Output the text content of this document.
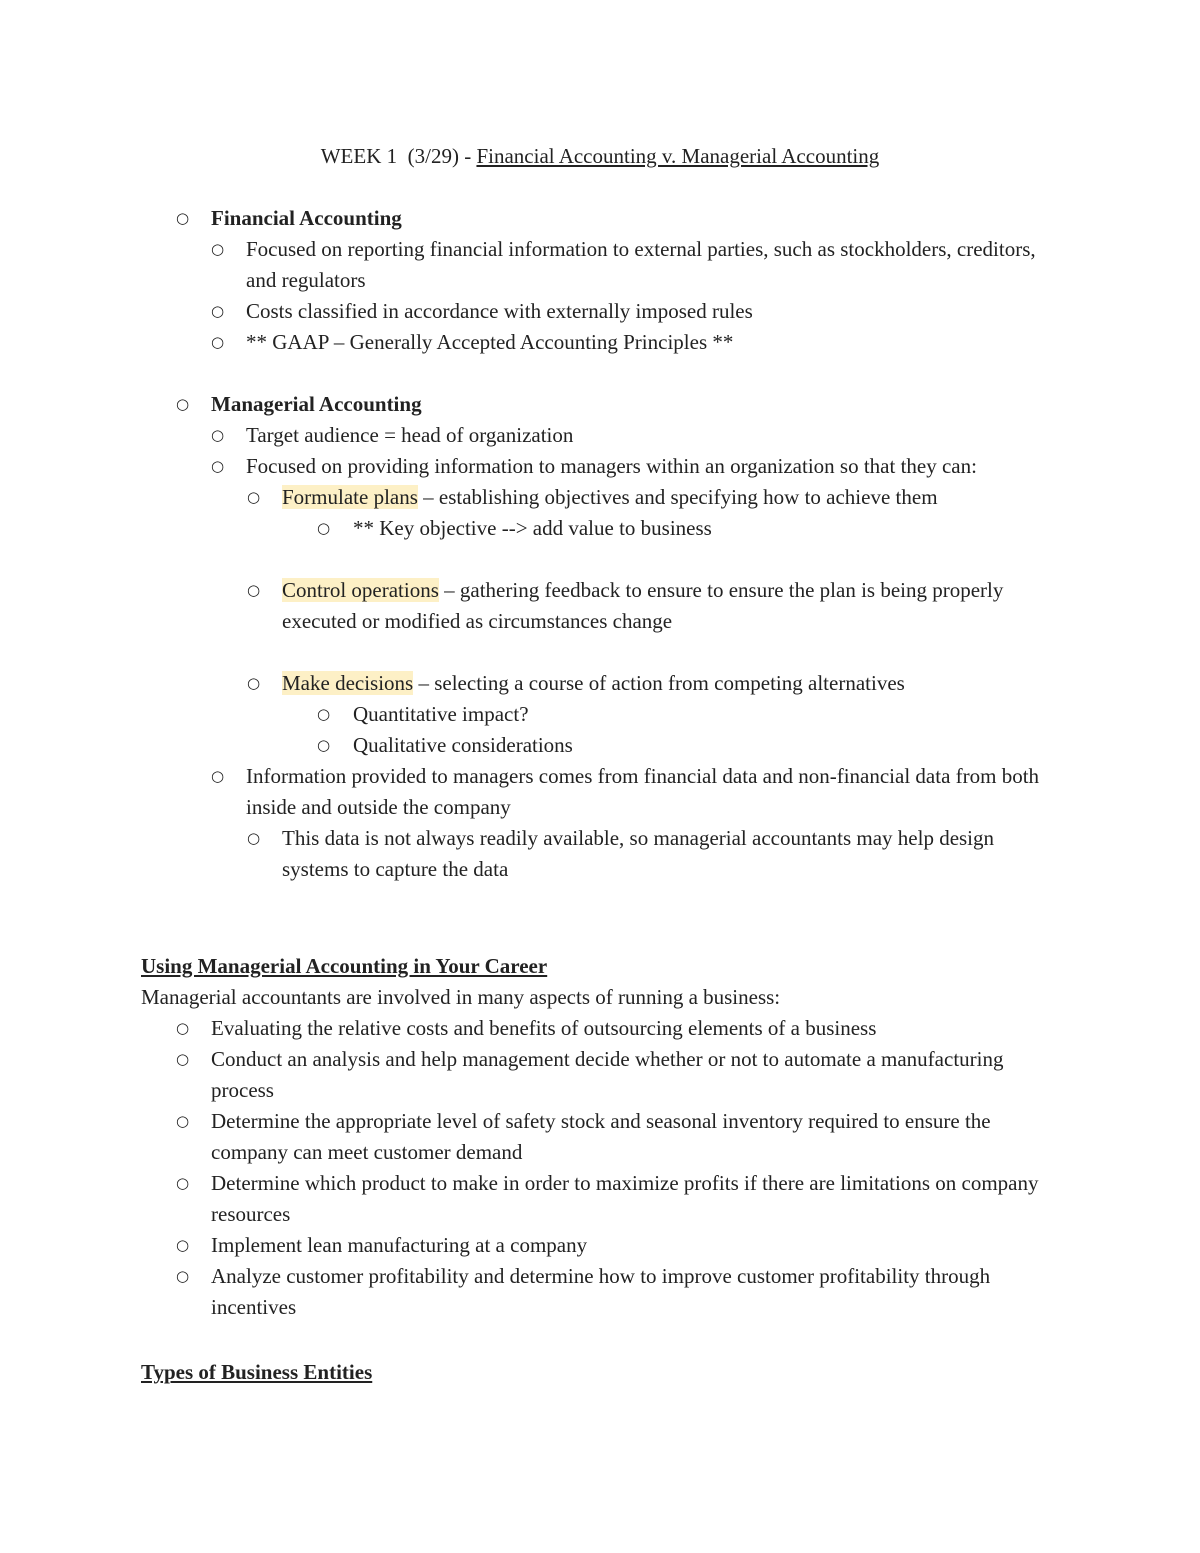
WEEK 1  (3/29) - Financial Accounting v. Managerial Accounting
○ Financial Accounting
○ Focused on reporting financial information to external parties, such as stockholders, creditors, and regulators
○ Costs classified in accordance with externally imposed rules
○ ** GAAP – Generally Accepted Accounting Principles **
○ Managerial Accounting
○ Target audience = head of organization
○ Focused on providing information to managers within an organization so that they can:
○ Formulate plans – establishing objectives and specifying how to achieve them
○ ** Key objective --> add value to business
○ Control operations – gathering feedback to ensure to ensure the plan is being properly executed or modified as circumstances change
○ Make decisions – selecting a course of action from competing alternatives
○ Quantitative impact?
○ Qualitative considerations
○ Information provided to managers comes from financial data and non-financial data from both inside and outside the company
○ This data is not always readily available, so managerial accountants may help design systems to capture the data
Using Managerial Accounting in Your Career
Managerial accountants are involved in many aspects of running a business:
○ Evaluating the relative costs and benefits of outsourcing elements of a business
○ Conduct an analysis and help management decide whether or not to automate a manufacturing process
○ Determine the appropriate level of safety stock and seasonal inventory required to ensure the company can meet customer demand
○ Determine which product to make in order to maximize profits if there are limitations on company resources
○ Implement lean manufacturing at a company
○ Analyze customer profitability and determine how to improve customer profitability through incentives
Types of Business Entities
